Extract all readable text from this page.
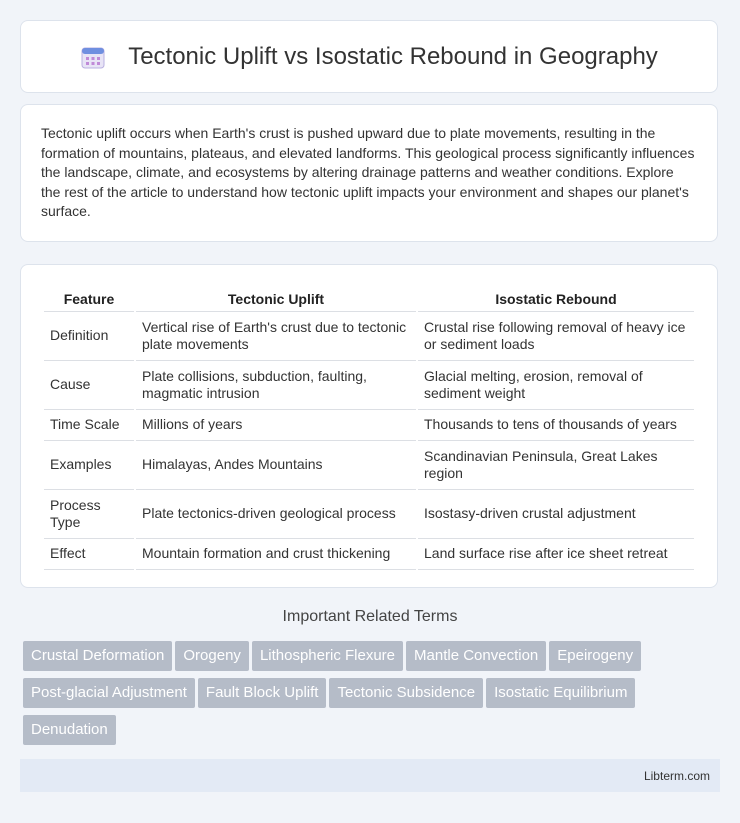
Tectonic Uplift vs Isostatic Rebound in Geography

Tectonic uplift occurs when Earth's crust is pushed upward due to plate movements, resulting in the formation of mountains, plateaus, and elevated landforms. This geological process significantly influences the landscape, climate, and ecosystems by altering drainage patterns and weather conditions. Explore the rest of the article to understand how tectonic uplift impacts your environment and shapes our planet's surface.

Feature	Tectonic Uplift	Isostatic Rebound
Definition	Vertical rise of Earth's crust due to tectonic plate movements	Crustal rise following removal of heavy ice or sediment loads
Cause	Plate collisions, subduction, faulting, magmatic intrusion	Glacial melting, erosion, removal of sediment weight
Time Scale	Millions of years	Thousands to tens of thousands of years
Examples	Himalayas, Andes Mountains	Scandinavian Peninsula, Great Lakes region
Process Type	Plate tectonics-driven geological process	Isostasy-driven crustal adjustment
Effect	Mountain formation and crust thickening	Land surface rise after ice sheet retreat
Important Related Terms
Crustal Deformation Orogeny Lithospheric Flexure Mantle Convection Epeirogeny
Post-glacial Adjustment Fault Block Uplift Tectonic Subsidence Isostatic Equilibrium
Denudation
Libterm.com
